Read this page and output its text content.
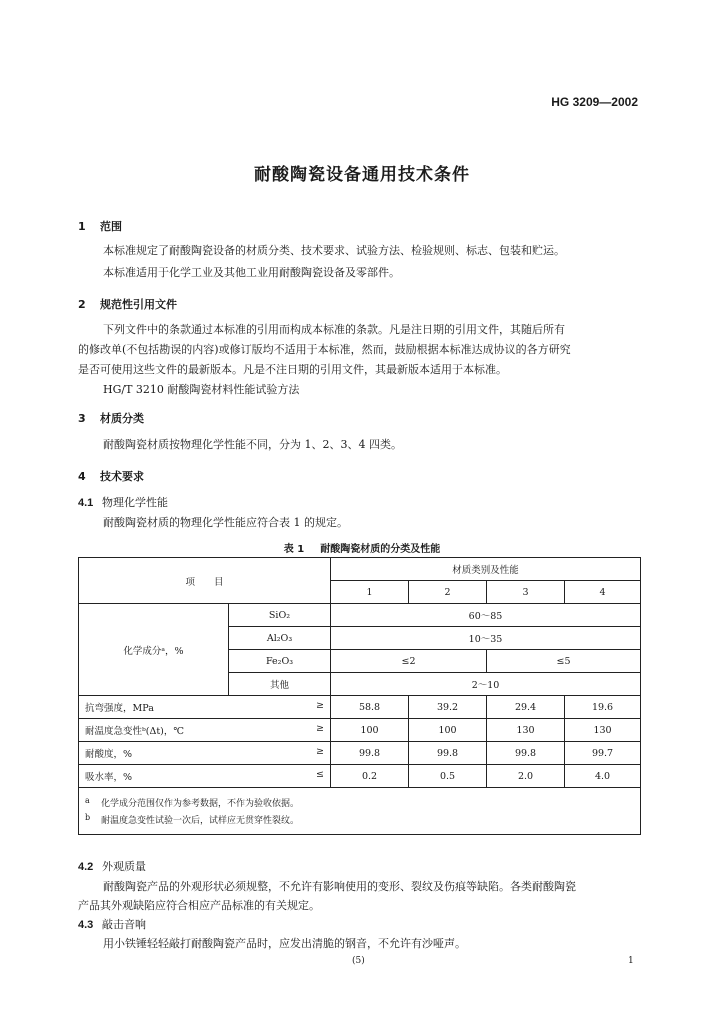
HG 3209—2002
耐酸陶瓷设备通用技术条件
1 范围
本标准规定了耐酸陶瓷设备的材质分类、技术要求、试验方法、检验规则、标志、包装和贮运。
本标准适用于化学工业及其他工业用耐酸陶瓷设备及零部件。
2 规范性引用文件
下列文件中的条款通过本标准的引用而构成本标准的条款。凡是注日期的引用文件，其随后所有
的修改单(不包括勘误的内容)或修订版均不适用于本标准，然而，鼓励根据本标准达成协议的各方研究
是否可使用这些文件的最新版本。凡是不注日期的引用文件，其最新版本适用于本标准。
HG/T 3210 耐酸陶瓷材料性能试验方法
3 材质分类
耐酸陶瓷材质按物理化学性能不同，分为 1、2、3、4 四类。
4 技术要求
4.1 物理化学性能
耐酸陶瓷材质的物理化学性能应符合表 1 的规定。
表 1 耐酸陶瓷材质的分类及性能
项　　目		材质类别及性能			
		1	2	3	4
化学成分ᵃ，%	SiO₂	60～85			
	Al₂O₃	10～35			
	Fe₂O₃	≤2		≤5	
	其他	2～10			

抗弯强度，MPa ≥		58.8	39.2	29.4	19.6

耐温度急变性ᵇ(Δt)，℃ ≥		100	100	130	130

耐酸度，% ≥		99.8	99.8	99.8	99.7

吸水率，% ≤		0.2	0.5	2.0	4.0

a 化学成分范围仅作为参考数据，不作为验收依据。
b 耐温度急变性试验一次后，试样应无贯穿性裂纹。					
4.2 外观质量
耐酸陶瓷产品的外观形状必须规整，不允许有影响使用的变形、裂纹及伤痕等缺陷。各类耐酸陶瓷
产品其外观缺陷应符合相应产品标准的有关规定。
4.3 敲击音响
用小铁锤轻轻敲打耐酸陶瓷产品时，应发出清脆的钢音，不允许有沙哑声。
(5)	1
